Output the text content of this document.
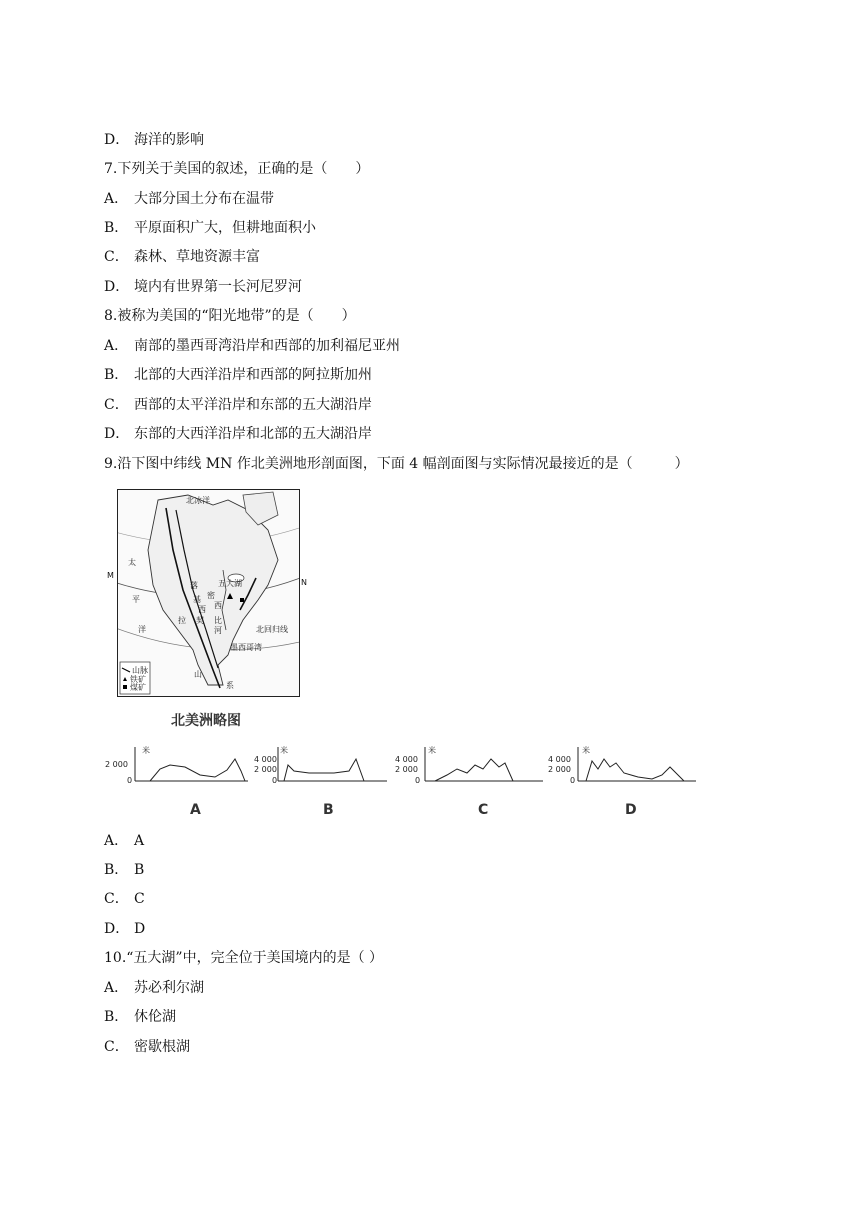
D． 海洋的影响
7.下列关于美国的叙述，正确的是（　　）
A． 大部分国土分布在温带
B． 平原面积广大，但耕地面积小
C． 森林、草地资源丰富
D． 境内有世界第一长河尼罗河
8.被称为美国的“阳光地带”的是（　　）
A． 南部的墨西哥湾沿岸和西部的加利福尼亚州
B． 北部的大西洋沿岸和西部的阿拉斯加州
C． 西部的太平洋沿岸和东部的五大湖沿岸
D． 东部的大西洋沿岸和北部的五大湖沿岸
9.沿下图中纬线 MN 作北美洲地形剖面图，下面 4 幅剖面图与实际情况最接近的是（　　　）
山脉
铁矿
煤矿
北冰洋
五大湖
墨西哥湾
北回归线
太
平
洋
落
基
拉 契
密
西
西
比
河
山
系
M
N
北美洲略图
米
2 000
0
A
米
4 000
2 000
0
B
米
4 000
2 000
0
C
米
4 000
2 000
0
D
A． A
B． B
C． C
D． D
10.“五大湖”中，完全位于美国境内的是（ ）
A． 苏必利尔湖
B． 休伦湖
C． 密歇根湖
